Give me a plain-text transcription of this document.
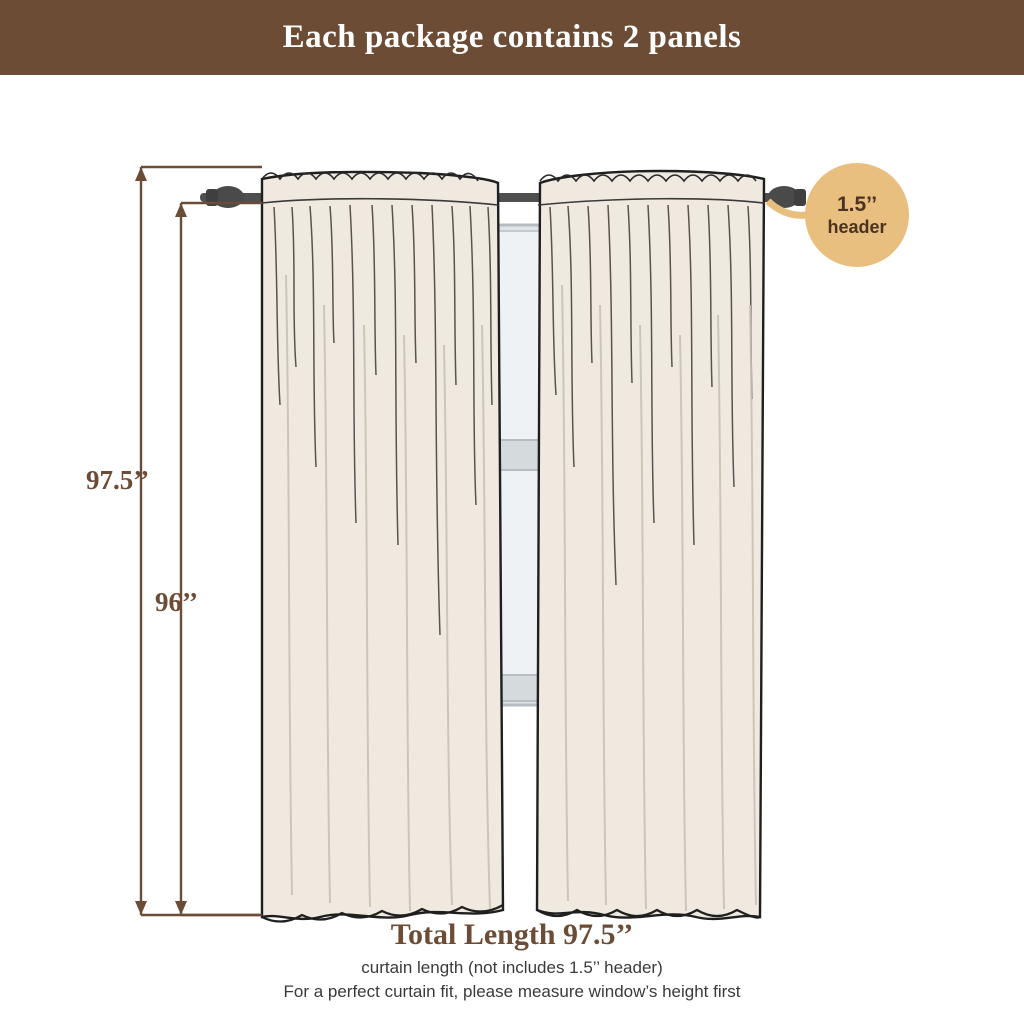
Each package contains 2 panels
97.5’’
96’’
1.5’’
header
Total Length 97.5’’
curtain length (not includes 1.5’’ header)
For a perfect curtain fit, please measure window’s height first
